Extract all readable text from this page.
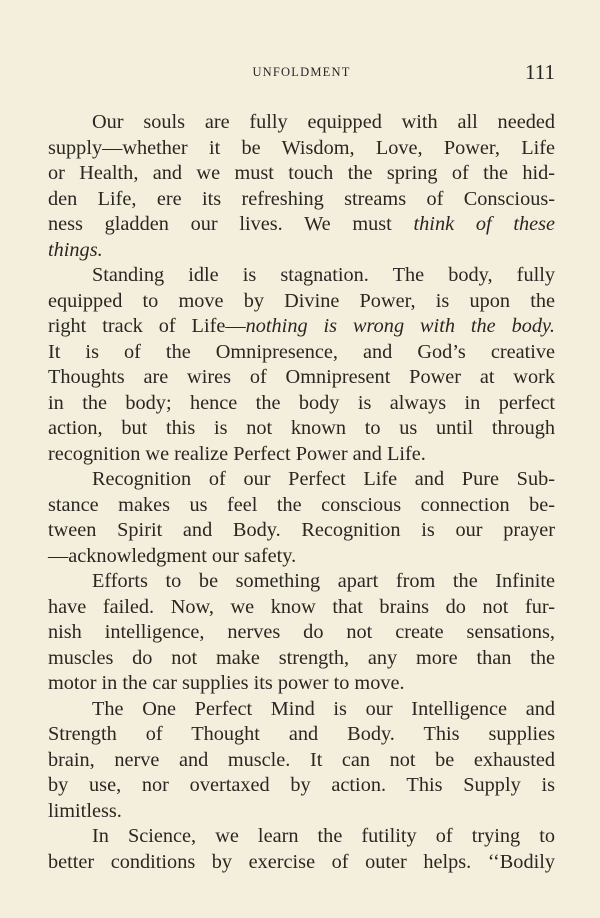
UNFOLDMENT	111
Our souls are fully equipped with all needed
supply—whether it be Wisdom, Love, Power, Life
or Health, and we must touch the spring of the hid-
den Life, ere its refreshing streams of Conscious-
ness gladden our lives. We must think of these
things.
Standing idle is stagnation. The body, fully
equipped to move by Divine Power, is upon the
right track of Life—nothing is wrong with the body.
It is of the Omnipresence, and God’s creative
Thoughts are wires of Omnipresent Power at work
in the body; hence the body is always in perfect
action, but this is not known to us until through
recognition we realize Perfect Power and Life.
Recognition of our Perfect Life and Pure Sub-
stance makes us feel the conscious connection be-
tween Spirit and Body. Recognition is our prayer
—acknowledgment our safety.
Efforts to be something apart from the Infinite
have failed. Now, we know that brains do not fur-
nish intelligence, nerves do not create sensations,
muscles do not make strength, any more than the
motor in the car supplies its power to move.
The One Perfect Mind is our Intelligence and
Strength of Thought and Body. This supplies
brain, nerve and muscle. It can not be exhausted
by use, nor overtaxed by action. This Supply is
limitless.
In Science, we learn the futility of trying to
better conditions by exercise of outer helps. ‘‘Bodily
